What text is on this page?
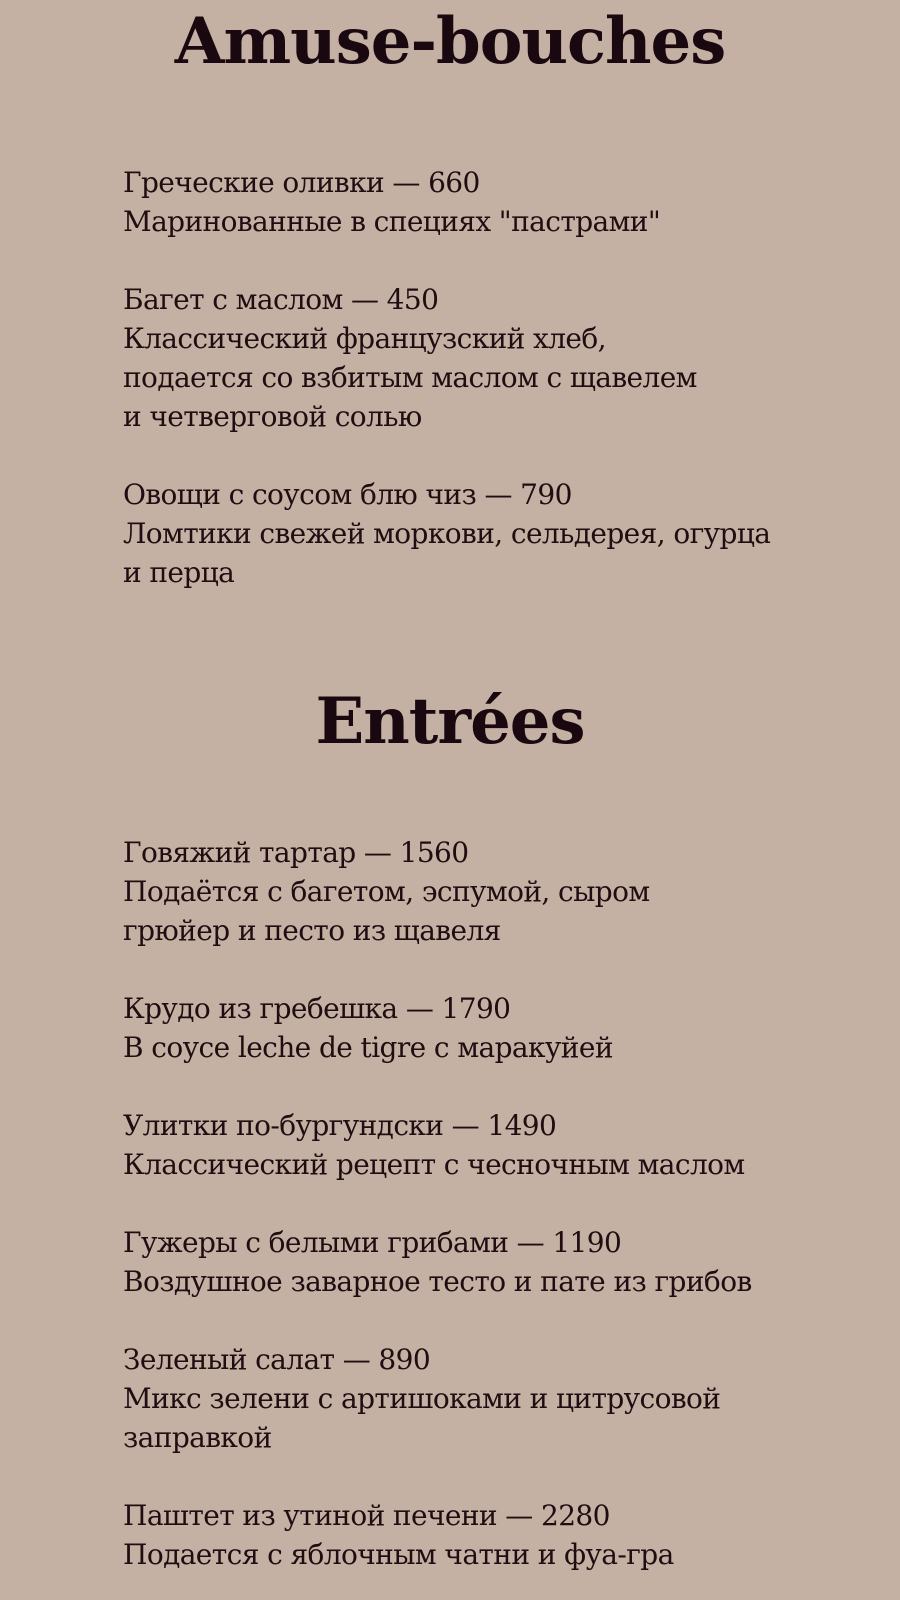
Amuse-bouches
Греческие оливки — 660
Маринованные в специях "пастрами"
Багет с маслом — 450
Классический французский хлеб,
подается со взбитым маслом с щавелем
и четверговой солью
Овощи с соусом блю чиз — 790
Ломтики свежей моркови, сельдерея, огурца
и перца
Entrées
Говяжий тартар — 1560
Подаётся с багетом, эспумой, сыром
грюйер и песто из щавеля
Крудо из гребешка — 1790
В соусе leche de tigre с маракуйей
Улитки по-бургундски — 1490
Классический рецепт с чесночным маслом
Гужеры с белыми грибами — 1190
Воздушное заварное тесто и пате из грибов
Зеленый салат — 890
Микс зелени с артишоками и цитрусовой
заправкой
Паштет из утиной печени — 2280
Подается с яблочным чатни и фуа-гра
